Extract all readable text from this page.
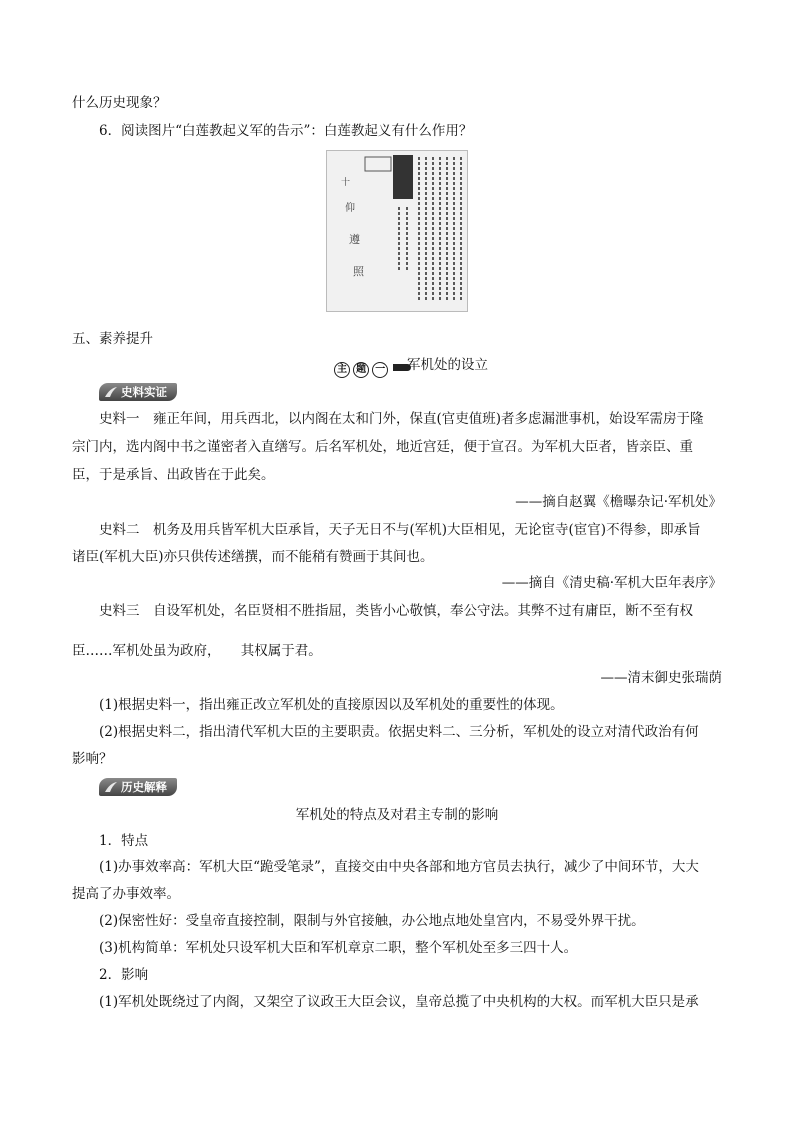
什么历史现象？
6．阅读图片“白莲教起义军的告示”：白莲教起义有什么作用？
十
仰
遵
照
五、素养提升
主 题 一	军机处的设立
史料实证
史料一　雍正年间，用兵西北，以内阁在太和门外，保直(官吏值班)者多虑漏泄事机，始设军需房于隆
宗门内，选内阁中书之谨密者入直缮写。后名军机处，地近宫廷，便于宣召。为军机大臣者，皆亲臣、重
臣，于是承旨、出政皆在于此矣。
——摘自赵翼《檐曝杂记·军机处》
史料二　机务及用兵皆军机大臣承旨，天子无日不与(军机)大臣相见，无论宦寺(宦官)不得参，即承旨
诸臣(军机大臣)亦只供传述缮撰，而不能稍有赞画于其间也。
——摘自《清史稿·军机大臣年表序》
史料三　自设军机处，名臣贤相不胜指屈，类皆小心敬慎，奉公守法。其弊不过有庸臣，断不至有权
臣……军机处虽为政府，　　其权属于君。
——清末御史张瑞荫
(1)根据史料一，指出雍正改立军机处的直接原因以及军机处的重要性的体现。
(2)根据史料二，指出清代军机大臣的主要职责。依据史料二、三分析，军机处的设立对清代政治有何
影响？
历史解释
军机处的特点及对君主专制的影响
1．特点
(1)办事效率高：军机大臣“跪受笔录”，直接交由中央各部和地方官员去执行，减少了中间环节，大大
提高了办事效率。
(2)保密性好：受皇帝直接控制，限制与外官接触，办公地点地处皇宫内，不易受外界干扰。
(3)机构简单：军机处只设军机大臣和军机章京二职，整个军机处至多三四十人。
2．影响
(1)军机处既绕过了内阁，又架空了议政王大臣会议，皇帝总揽了中央机构的大权。而军机大臣只是承
